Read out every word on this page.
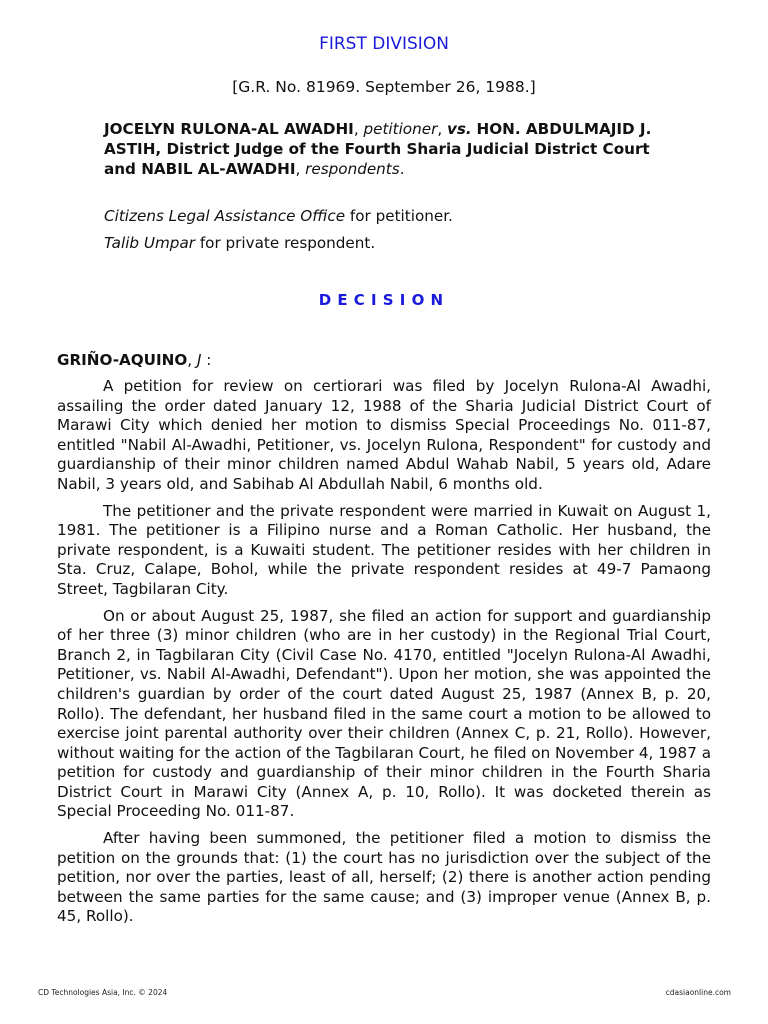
FIRST DIVISION
[G.R. No. 81969. September 26, 1988.]
JOCELYN RULONA-AL AWADHI, petitioner, vs. HON. ABDULMAJID J. ASTIH, District Judge of the Fourth Sharia Judicial District Court and NABIL AL-AWADHI, respondents.
Citizens Legal Assistance Office for petitioner.
Talib Umpar for private respondent.
DECISION
GRIÑO-AQUINO, J :

A petition for review on certiorari was filed by Jocelyn Rulona-Al Awadhi, assailing the order dated January 12, 1988 of the Sharia Judicial District Court of Marawi City which denied her motion to dismiss Special Proceedings No. 011-87, entitled "Nabil Al-Awadhi, Petitioner, vs. Jocelyn Rulona, Respondent" for custody and guardianship of their minor children named Abdul Wahab Nabil, 5 years old, Adare Nabil, 3 years old, and Sabihab Al Abdullah Nabil, 6 months old.

The petitioner and the private respondent were married in Kuwait on August 1, 1981. The petitioner is a Filipino nurse and a Roman Catholic. Her husband, the private respondent, is a Kuwaiti student. The petitioner resides with her children in Sta. Cruz, Calape, Bohol, while the private respondent resides at 49-7 Pamaong Street, Tagbilaran City.

On or about August 25, 1987, she filed an action for support and guardianship of her three (3) minor children (who are in her custody) in the Regional Trial Court, Branch 2, in Tagbilaran City (Civil Case No. 4170, entitled "Jocelyn Rulona-Al Awadhi, Petitioner, vs. Nabil Al-Awadhi, Defendant"). Upon her motion, she was appointed the children's guardian by order of the court dated August 25, 1987 (Annex B, p. 20, Rollo). The defendant, her husband filed in the same court a motion to be allowed to exercise joint parental authority over their children (Annex C, p. 21, Rollo). However, without waiting for the action of the Tagbilaran Court, he filed on November 4, 1987 a petition for custody and guardianship of their minor children in the Fourth Sharia District Court in Marawi City (Annex A, p. 10, Rollo). It was docketed therein as Special Proceeding No. 011-87.

After having been summoned, the petitioner filed a motion to dismiss the petition on the grounds that: (1) the court has no jurisdiction over the subject of the petition, nor over the parties, least of all, herself; (2) there is another action pending between the same parties for the same cause; and (3) improper venue (Annex B, p. 45, Rollo).

CD Technologies Asia, Inc. © 2024	cdasiaonline.com
